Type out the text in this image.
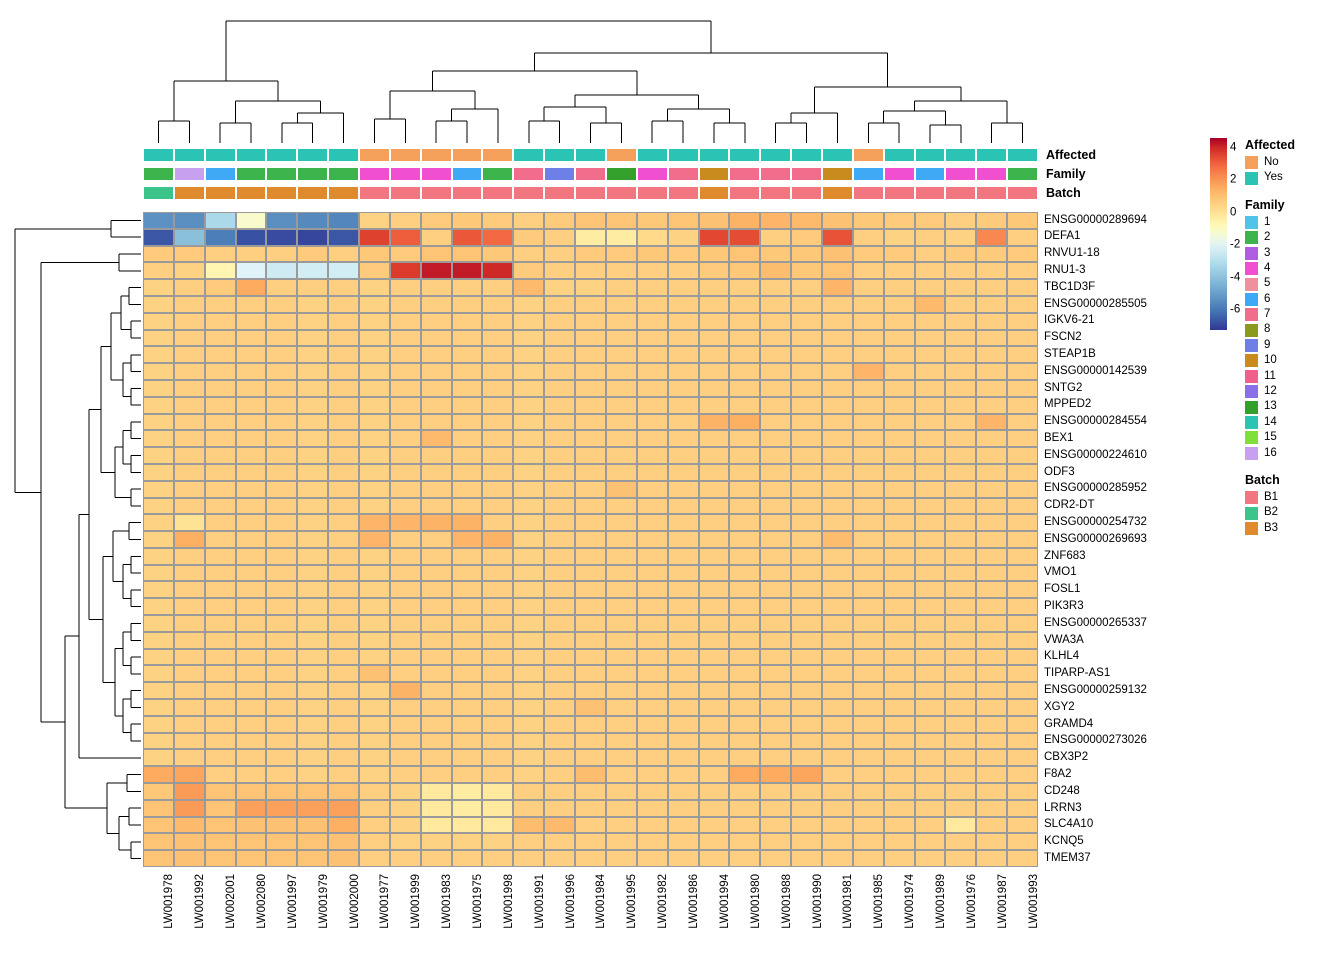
Affected
Family
Batch
ENSG00000289694
DEFA1
RNVU1-18
RNU1-3
TBC1D3F
ENSG00000285505
IGKV6-21
FSCN2
STEAP1B
ENSG00000142539
SNTG2
MPPED2
ENSG00000284554
BEX1
ENSG00000224610
ODF3
ENSG00000285952
CDR2-DT
ENSG00000254732
ENSG00000269693
ZNF683
VMO1
FOSL1
PIK3R3
ENSG00000265337
VWA3A
KLHL4
TIPARP-AS1
ENSG00000259132
XGY2
GRAMD4
ENSG00000273026
CBX3P2
F8A2
CD248
LRRN3
SLC4A10
KCNQ5
TMEM37
LW001978 LW001992 LW002001 LW002080 LW001997 LW001979 LW002000 LW001977 LW001999 LW001983 LW001975 LW001998 LW001991 LW001996 LW001984 LW001995 LW001982 LW001986 LW001994 LW001980 LW001988 LW001990 LW001981 LW001985 LW001974 LW001989 LW001976 LW001987 LW001993
4
2
0
-2
-4
-6
Affected
No
Yes
Family
1
2
3
4
5
6
7
8
9
10
11
12
13
14
15
16
Batch
B1
B2
B3
